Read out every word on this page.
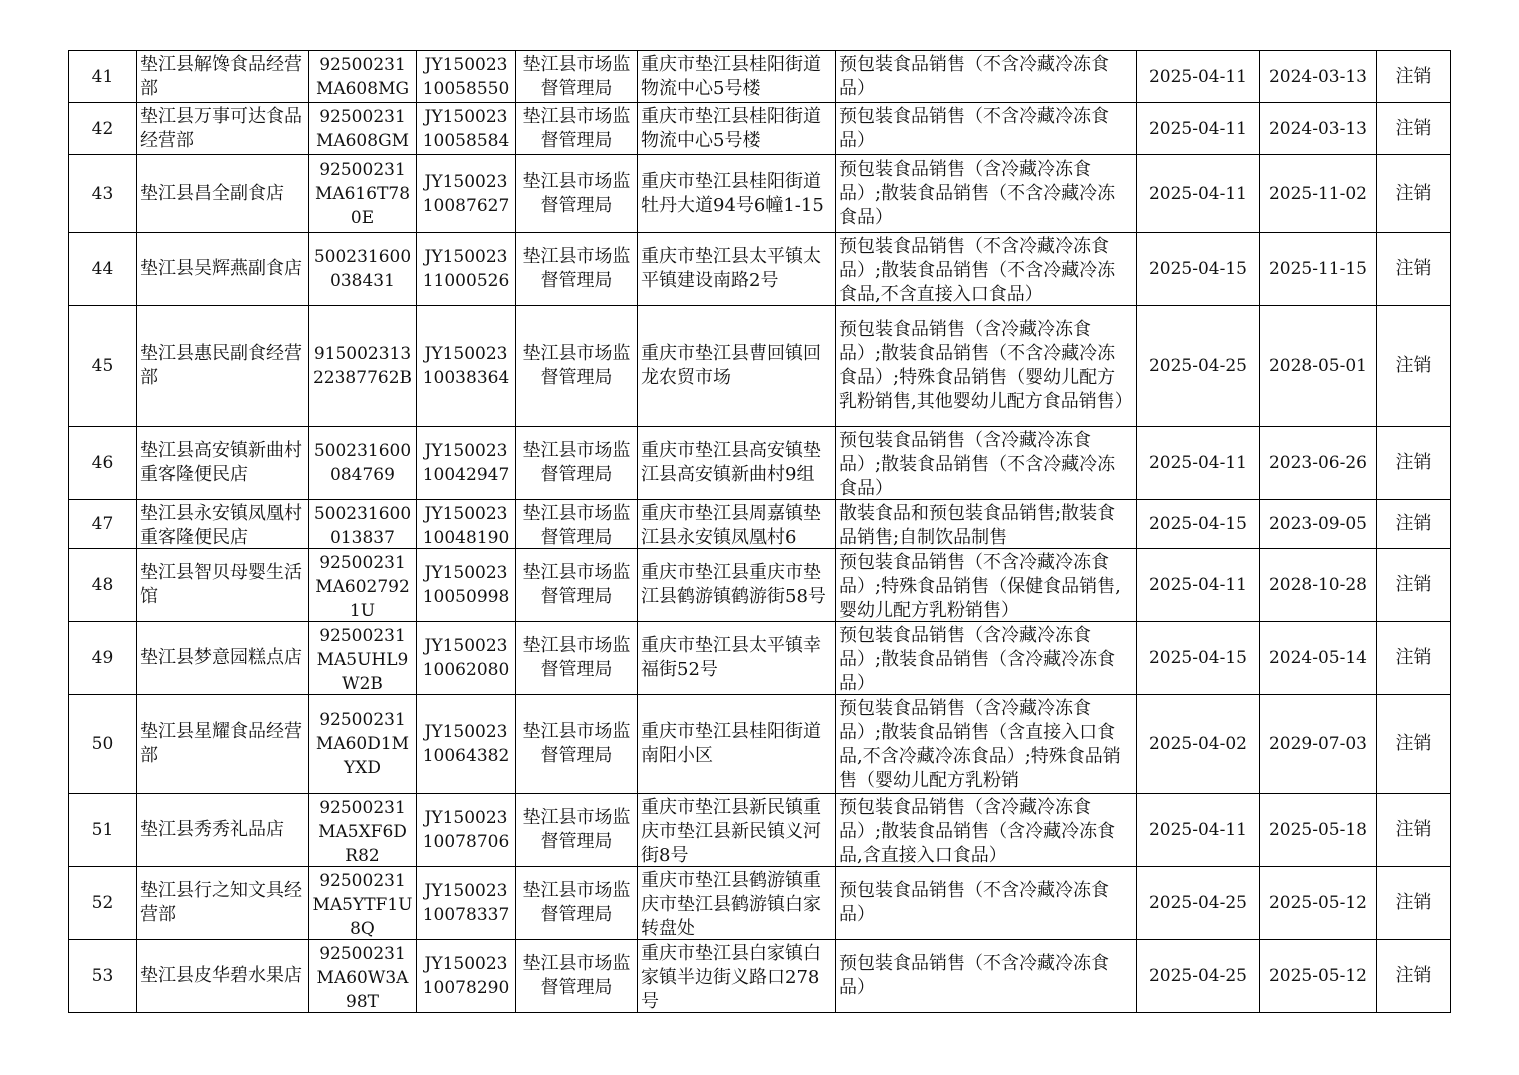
41	垫江县解馋食品经营部	92500231MA608MG	JY15002310058550	垫江县市场监督管理局	重庆市垫江县桂阳街道物流中心5号楼	预包装食品销售（不含冷藏冷冻食品）	2025-04-11	2024-03-13	注销

42	垫江县万事可达食品经营部	92500231MA608GM	JY15002310058584	垫江县市场监督管理局	重庆市垫江县桂阳街道物流中心5号楼	预包装食品销售（不含冷藏冷冻食品）	2025-04-11	2024-03-13	注销

43	垫江县昌全副食店	92500231MA616T780E	JY15002310087627	垫江县市场监督管理局	重庆市垫江县桂阳街道牡丹大道94号6幢1-15	预包装食品销售（含冷藏冷冻食品）;散装食品销售（不含冷藏冷冻食品）	2025-04-11	2025-11-02	注销

44	垫江县吴辉燕副食店	500231600038431	JY15002311000526	垫江县市场监督管理局	重庆市垫江县太平镇太平镇建设南路2号	预包装食品销售（不含冷藏冷冻食品）;散装食品销售（不含冷藏冷冻食品,不含直接入口食品）	2025-04-15	2025-11-15	注销

45	垫江县惠民副食经营部	91500231322387762B	JY15002310038364	垫江县市场监督管理局	重庆市垫江县曹回镇回龙农贸市场	预包装食品销售（含冷藏冷冻食品）;散装食品销售（不含冷藏冷冻食品）;特殊食品销售（婴幼儿配方乳粉销售,其他婴幼儿配方食品销售）	2025-04-25	2028-05-01	注销

46	垫江县高安镇新曲村重客隆便民店	500231600084769	JY15002310042947	垫江县市场监督管理局	重庆市垫江县高安镇垫江县高安镇新曲村9组	预包装食品销售（含冷藏冷冻食品）;散装食品销售（不含冷藏冷冻食品）	2025-04-11	2023-06-26	注销

47	垫江县永安镇凤凰村重客隆便民店	500231600013837	JY15002310048190	垫江县市场监督管理局	重庆市垫江县周嘉镇垫江县永安镇凤凰村6	散装食品和预包装食品销售;散装食品销售;自制饮品制售	2025-04-15	2023-09-05	注销

48	垫江县智贝母婴生活馆	92500231MA6027921U	JY15002310050998	垫江县市场监督管理局	重庆市垫江县重庆市垫江县鹤游镇鹤游街58号	预包装食品销售（不含冷藏冷冻食品）;特殊食品销售（保健食品销售,婴幼儿配方乳粉销售）	2025-04-11	2028-10-28	注销

49	垫江县梦意园糕点店	92500231MA5UHL9W2B	JY15002310062080	垫江县市场监督管理局	重庆市垫江县太平镇幸福街52号	预包装食品销售（含冷藏冷冻食品）;散装食品销售（含冷藏冷冻食品）	2025-04-15	2024-05-14	注销

50	垫江县星耀食品经营部	92500231MA60D1MYXD	JY15002310064382	垫江县市场监督管理局	重庆市垫江县桂阳街道南阳小区	预包装食品销售（含冷藏冷冻食品）;散装食品销售（含直接入口食品,不含冷藏冷冻食品）;特殊食品销售（婴幼儿配方乳粉销	2025-04-02	2029-07-03	注销

51	垫江县秀秀礼品店	92500231MA5XF6DR82	JY15002310078706	垫江县市场监督管理局	重庆市垫江县新民镇重庆市垫江县新民镇义河街8号	预包装食品销售（含冷藏冷冻食品）;散装食品销售（含冷藏冷冻食品,含直接入口食品）	2025-04-11	2025-05-18	注销

52	垫江县行之知文具经营部	92500231MA5YTF1U8Q	JY15002310078337	垫江县市场监督管理局	重庆市垫江县鹤游镇重庆市垫江县鹤游镇白家转盘处	预包装食品销售（不含冷藏冷冻食品）	2025-04-25	2025-05-12	注销

53	垫江县皮华碧水果店	92500231MA60W3A98T	JY15002310078290	垫江县市场监督管理局	重庆市垫江县白家镇白家镇半边街义路口278号	预包装食品销售（不含冷藏冷冻食品）	2025-04-25	2025-05-12	注销
